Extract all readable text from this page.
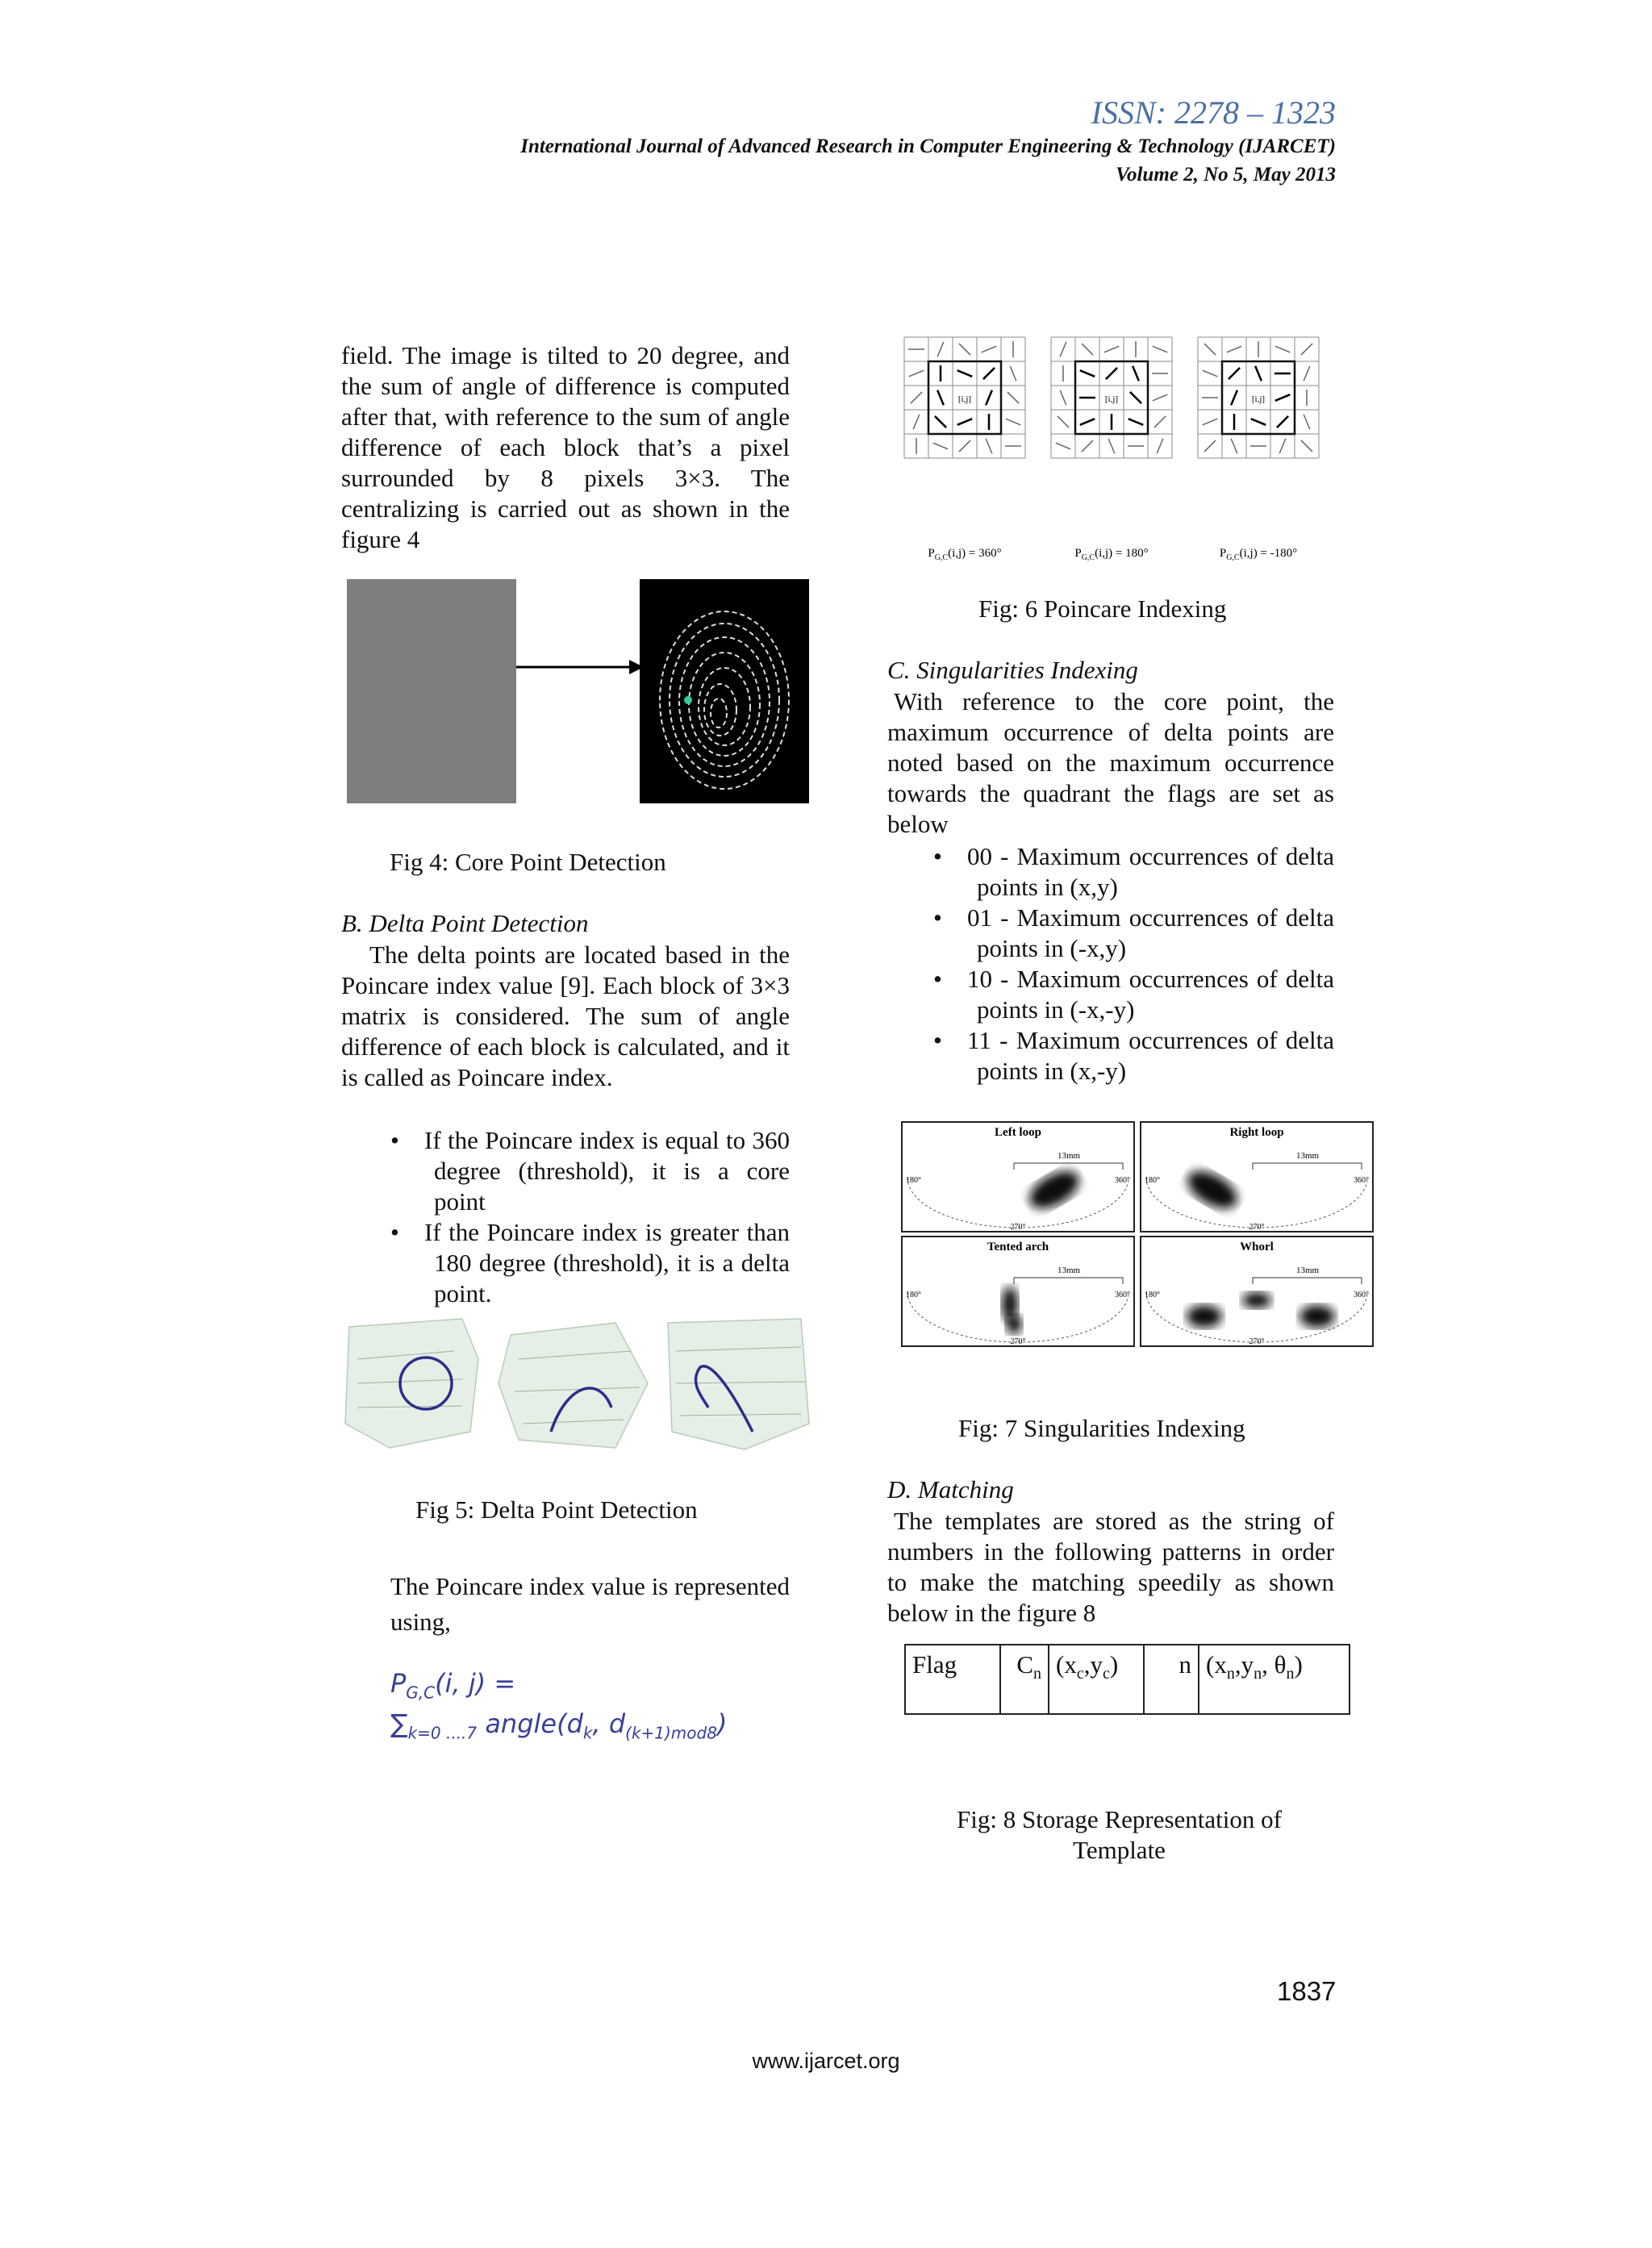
ISSN: 2278 – 1323
International Journal of Advanced Research in Computer Engineering & Technology (IJARCET)
Volume 2, No 5, May 2013
field. The image is tilted to 20 degree, and the sum of angle of difference is computed after that, with reference to the sum of angle difference of each block that’s a pixel surrounded by 8 pixels 3×3. The centralizing is carried out as shown in the figure 4
Fig 4: Core Point Detection
B. Delta Point Detection
The delta points are located based in the Poincare index value [9]. Each block of 3×3 matrix is considered. The sum of angle difference of each block is calculated, and it is called as Poincare index.
• If the Poincare index is equal to 360 degree (threshold), it is a core point
• If the Poincare index is greater than 180 degree (threshold), it is a delta point.
Fig 5: Delta Point Detection
The Poincare index value is represented using,
$P_{G,C}(i$, j) =
$\sum_{k=0 ....7}$ $angle(d_k$, $d_{(k+1)mod8}$)
[i,j]
$P_{G,C}(i,j) = 360^\circ$
[i,j]
$P_{G,C}(i,j) = 180^\circ$
[i,j]
$P_{G,C}(i,j) = -180^\circ$
Fig: 6 Poincare Indexing
C. Singularities Indexing
With reference to the core point, the maximum occurrence of delta points are noted based on the maximum occurrence towards the quadrant the flags are set as below
• 00 - Maximum occurrences of delta points in (x,y)
• 01 - Maximum occurrences of delta points in (-x,y)
• 10 - Maximum occurrences of delta points in (-x,-y)
• 11 - Maximum occurrences of delta points in (x,-y)
Left loop
13mm
180°	360°
270°
Right loop
13mm
180°	360°
270°
Tented arch
13mm
180°	360°
270°
Whorl
13mm
180°	360°
270°
Fig: 7 Singularities Indexing
D. Matching
The templates are stored as the string of numbers in the following patterns in order to make the matching speedily as shown below in the figure 8
Flag	$C_n$	$(x_c,y_c)$	n	($x_n,y_n$, $\theta_n$)
Fig: 8 Storage Representation of
Template
1837
www.ijarcet.org
